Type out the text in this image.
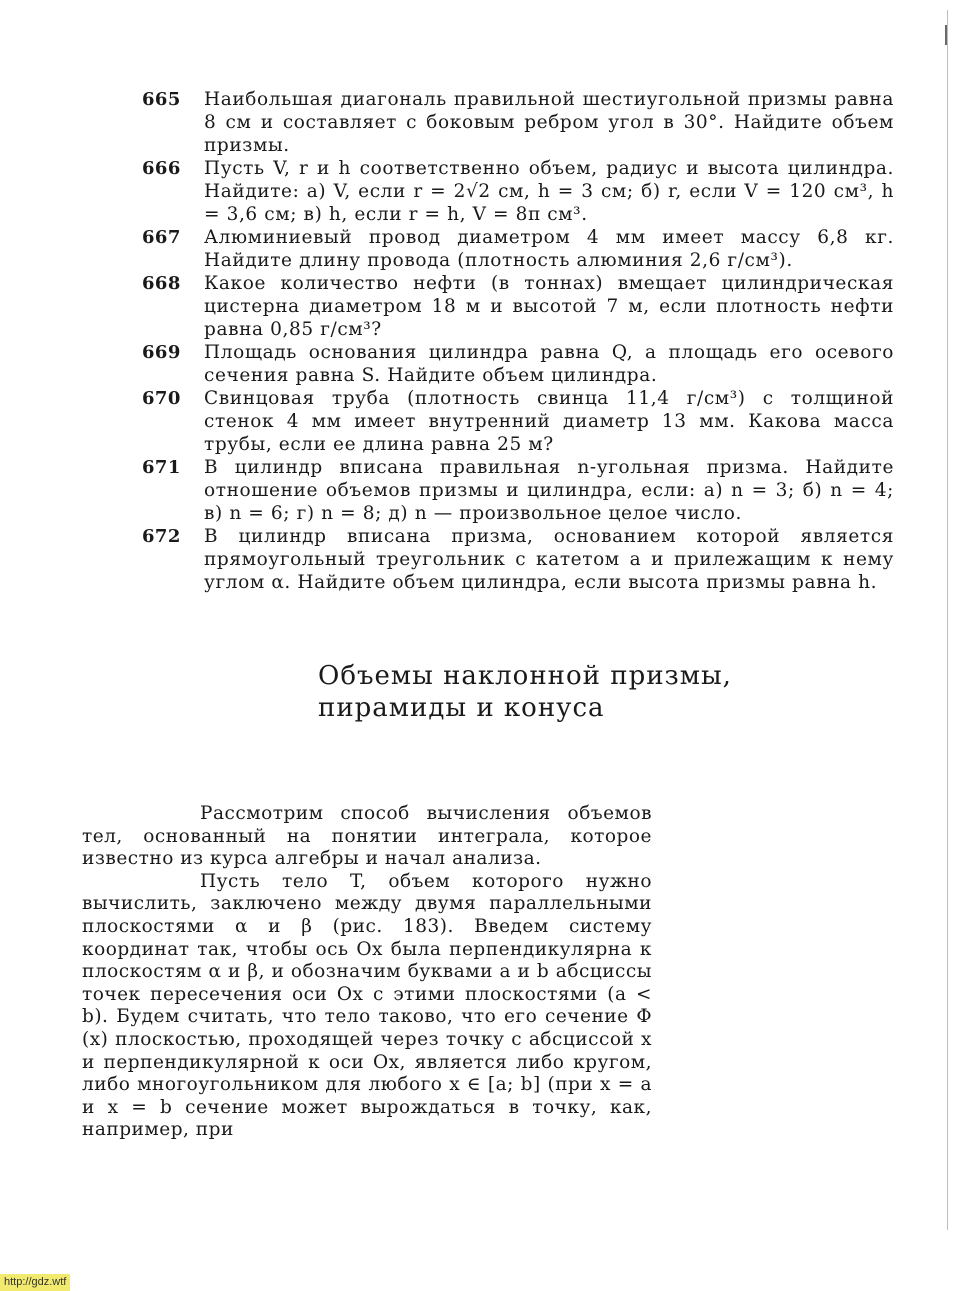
665 Наибольшая диагональ правильной шестиугольной призмы равна 8 см и составляет с боковым ребром угол в 30°. Найдите объем призмы.
666 Пусть V, r и h соответственно объем, радиус и высота цилиндра. Найдите: а) V, если r = 2√2 см, h = 3 см; б) r, если V = 120 см³, h = 3,6 см; в) h, если r = h, V = 8π см³.
667 Алюминиевый провод диаметром 4 мм имеет массу 6,8 кг. Найдите длину провода (плотность алюминия 2,6 г/см³).
668 Какое количество нефти (в тоннах) вмещает цилиндрическая цистерна диаметром 18 м и высотой 7 м, если плотность нефти равна 0,85 г/см³?
669 Площадь основания цилиндра равна Q, а площадь его осевого сечения равна S. Найдите объем цилиндра.
670 Свинцовая труба (плотность свинца 11,4 г/см³) с толщиной стенок 4 мм имеет внутренний диаметр 13 мм. Какова масса трубы, если ее длина равна 25 м?
671 В цилиндр вписана правильная n-угольная призма. Найдите отношение объемов призмы и цилиндра, если: а) n = 3; б) n = 4; в) n = 6; г) n = 8; д) n — произвольное целое число.
672 В цилиндр вписана призма, основанием которой является прямоугольный треугольник с катетом a и прилежащим к нему углом α. Найдите объем цилиндра, если высота призмы равна h.
Объемы наклонной призмы,
пирамиды и конуса

Рассмотрим способ вычисления объемов тел, основанный на понятии интеграла, которое известно из курса алгебры и начал анализа.

Пусть тело T, объем которого нужно вычислить, заключено между двумя параллельными плоскостями α и β (рис. 183). Введем систему координат так, чтобы ось Ox была перпендикулярна к плоскостям α и β, и обозначим буквами a и b абсциссы точек пересечения оси Ox с этими плоскостями (a < b). Будем считать, что тело таково, что его сечение Φ (x) плоскостью, проходящей через точку с абсциссой x и перпендикулярной к оси Ox, является либо кругом, либо многоугольником для любого x ∈ [a; b] (при x = a и x = b сечение может вырождаться в точку, как, например, при

http://gdz.wtf
